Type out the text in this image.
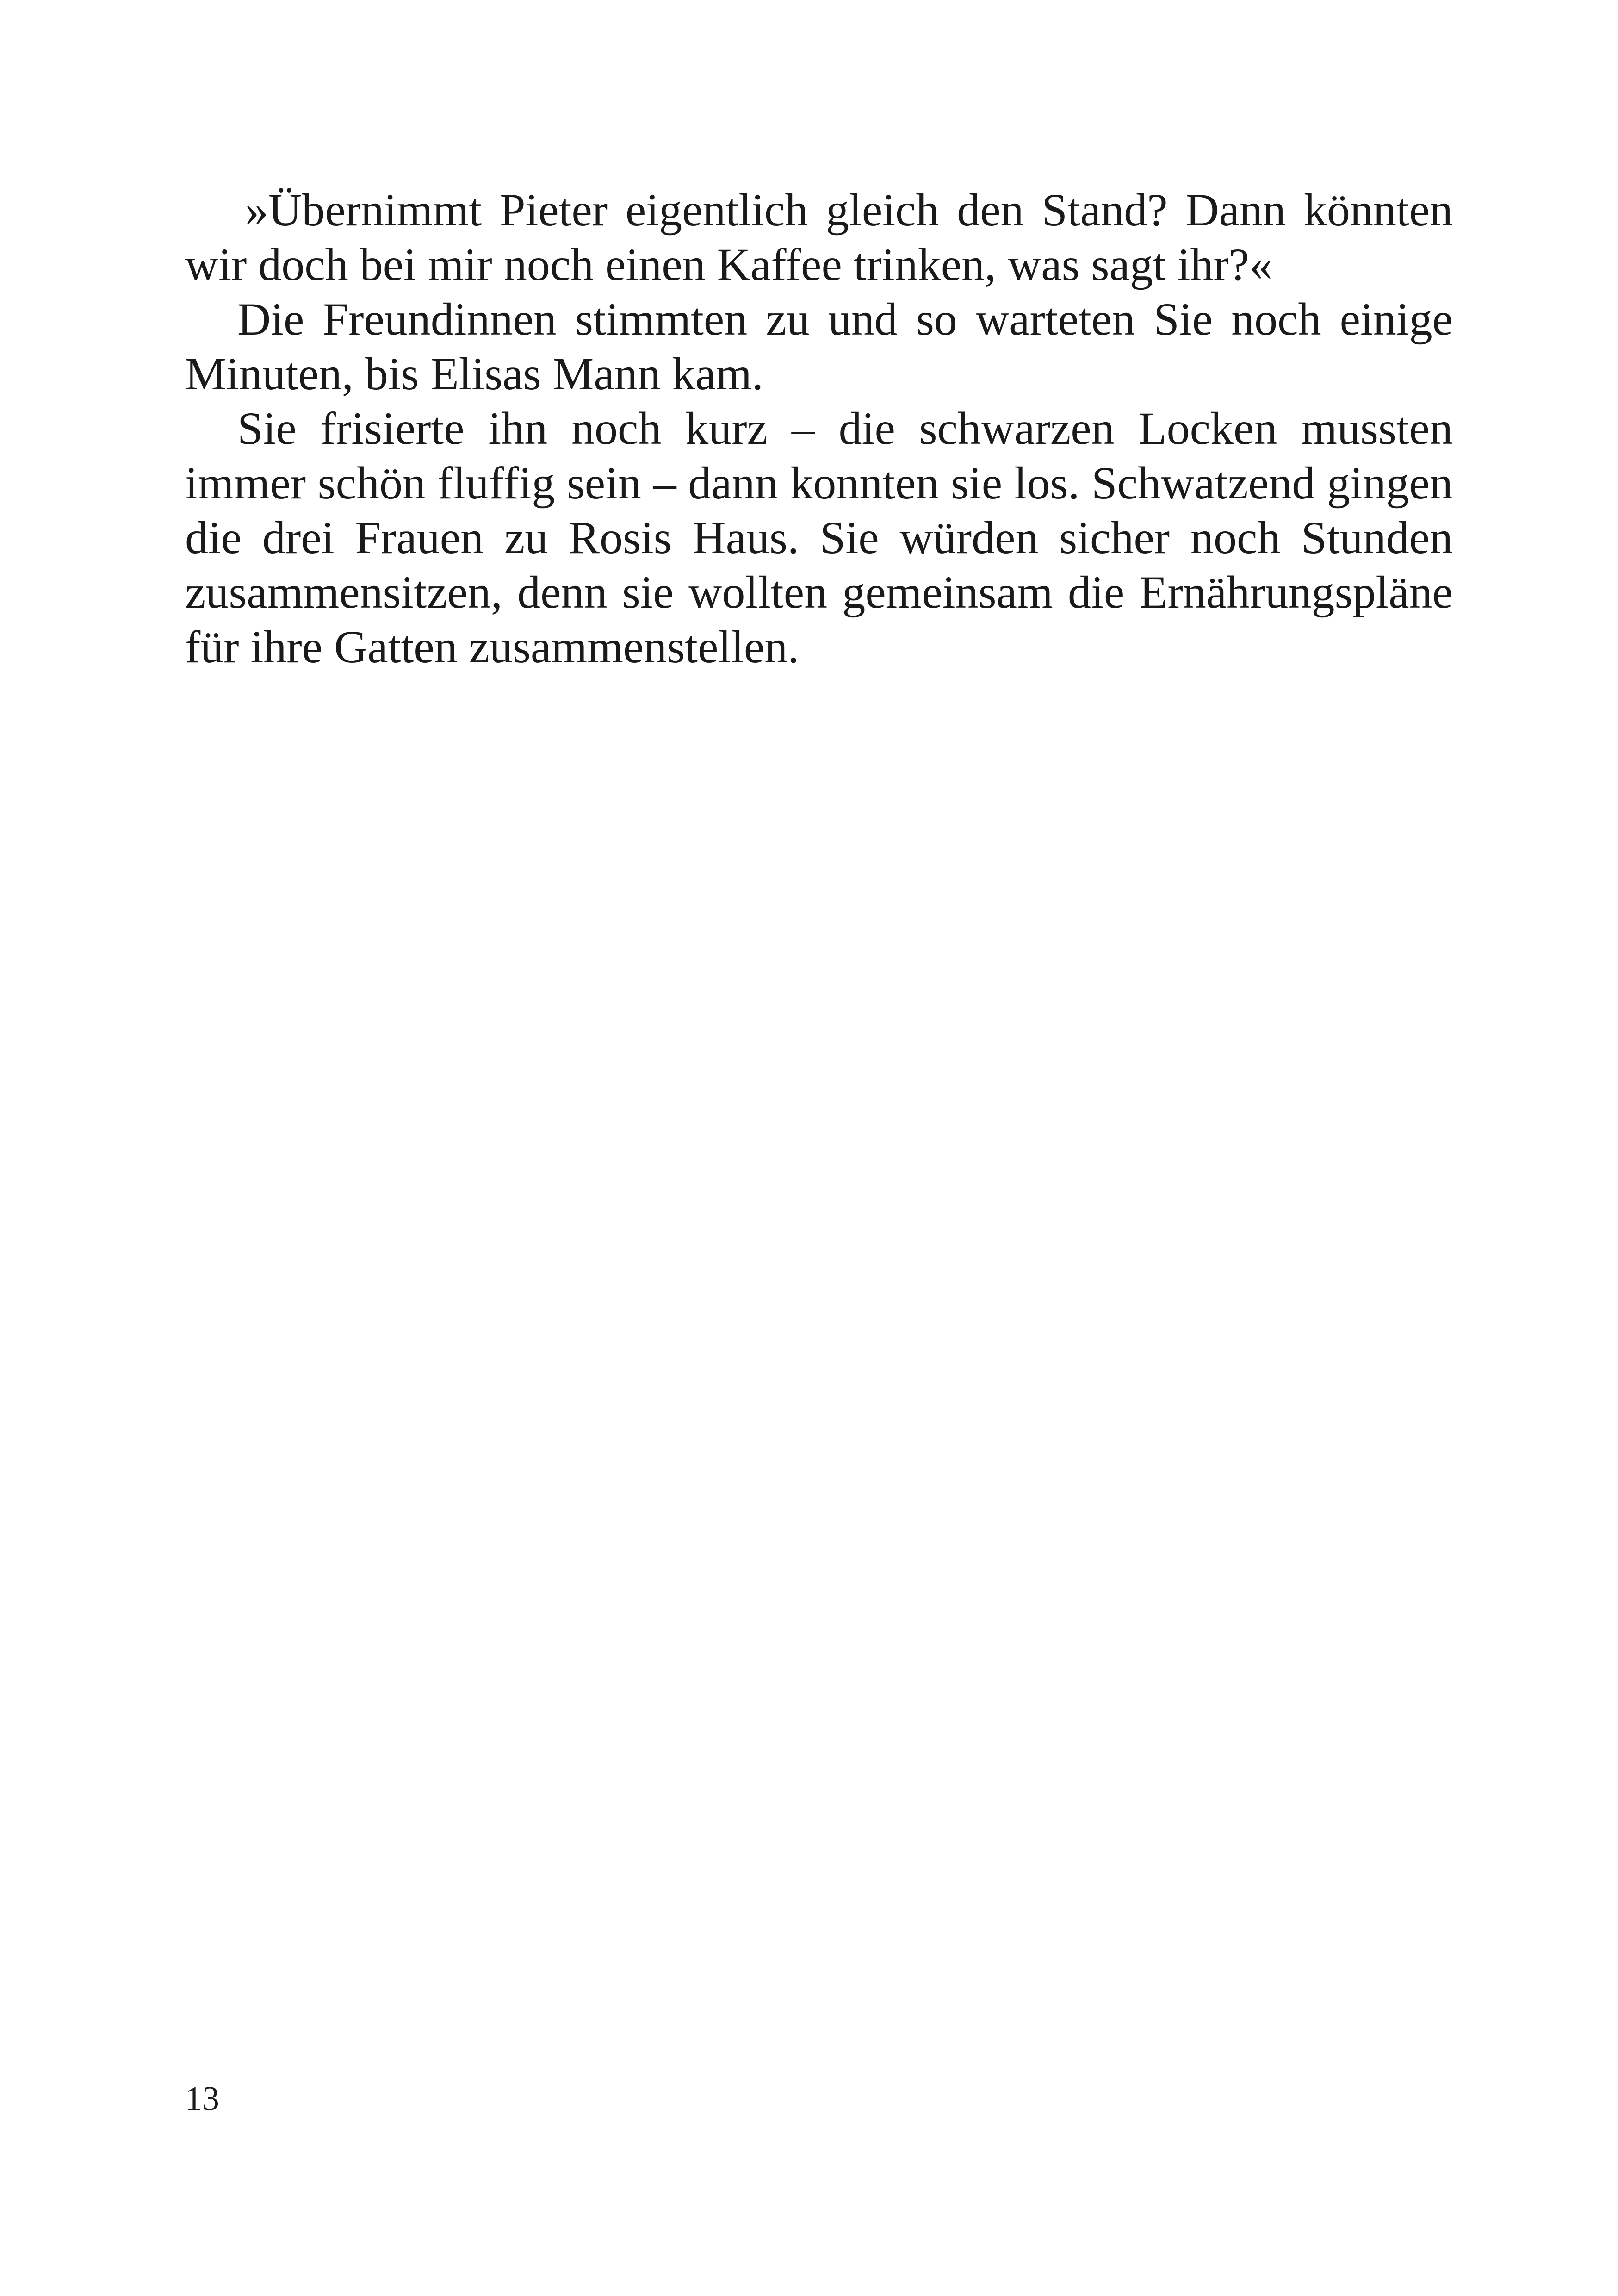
»Übernimmt Pieter eigentlich gleich den Stand? Dann könnten wir doch bei mir noch einen Kaffee trinken, was sagt ihr?«

Die Freundinnen stimmten zu und so warteten Sie noch einige Minuten, bis Elisas Mann kam.

Sie frisierte ihn noch kurz – die schwarzen Locken mussten immer schön fluffig sein – dann konnten sie los. Schwatzend gingen die drei Frauen zu Rosis Haus. Sie würden sicher noch Stunden zusammensitzen, denn sie wollten gemeinsam die Ernährungspläne für ihre Gatten zusammenstellen.

13
